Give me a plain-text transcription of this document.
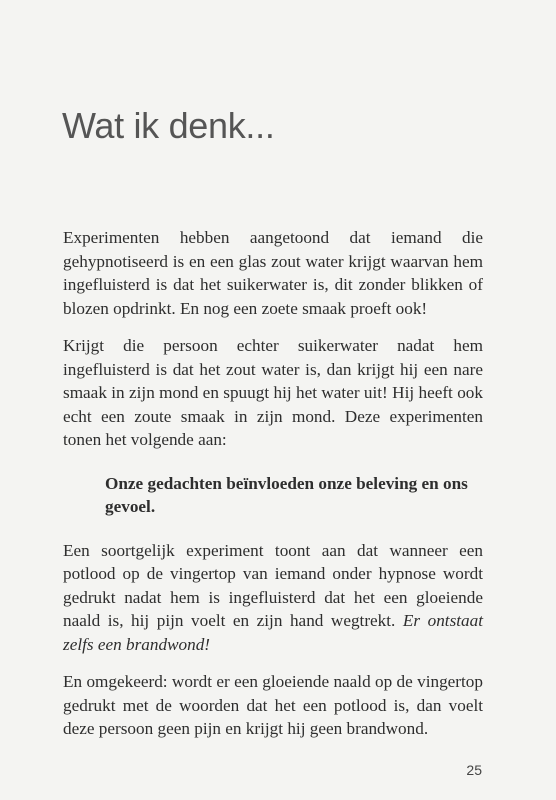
Wat ik denk...

Experimenten hebben aangetoond dat iemand die gehypnotiseerd is en een glas zout water krijgt waarvan hem ingefluisterd is dat het suikerwater is, dit zonder blikken of blozen opdrinkt. En nog een zoete smaak proeft ook!

Krijgt die persoon echter suikerwater nadat hem ingefluisterd is dat het zout water is, dan krijgt hij een nare smaak in zijn mond en spuugt hij het water uit! Hij heeft ook echt een zoute smaak in zijn mond. Deze experimenten tonen het volgende aan:

Onze gedachten beïnvloeden onze beleving en ons gevoel.

Een soortgelijk experiment toont aan dat wanneer een potlood op de vingertop van iemand onder hypnose wordt gedrukt nadat hem is ingefluisterd dat het een gloeiende naald is, hij pijn voelt en zijn hand wegtrekt. Er ontstaat zelfs een brandwond!

En omgekeerd: wordt er een gloeiende naald op de vingertop gedrukt met de woorden dat het een potlood is, dan voelt deze persoon geen pijn en krijgt hij geen brandwond.

25
